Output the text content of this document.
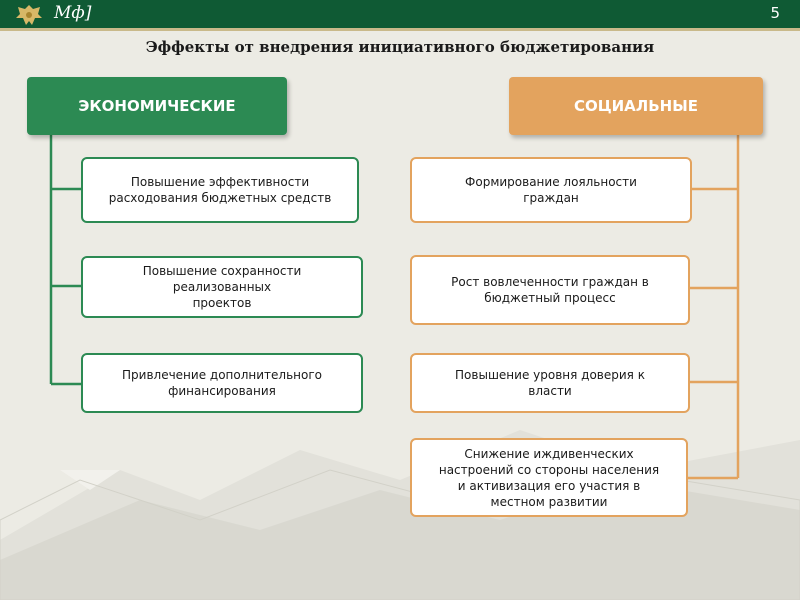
Мф]	5
Эффекты от внедрения инициативного бюджетирования
ЭКОНОМИЧЕСКИЕ	СОЦИАЛЬНЫЕ
Повышение эффективности
расходования бюджетных средств
Повышение сохранности
реализованных
проектов
Привлечение дополнительного
финансирования
Формирование лояльности
граждан
Рост вовлеченности граждан в
бюджетный процесс
Повышение уровня доверия к
власти
Снижение иждивенческих
настроений со стороны населения
и активизация его участия в
местном развитии
